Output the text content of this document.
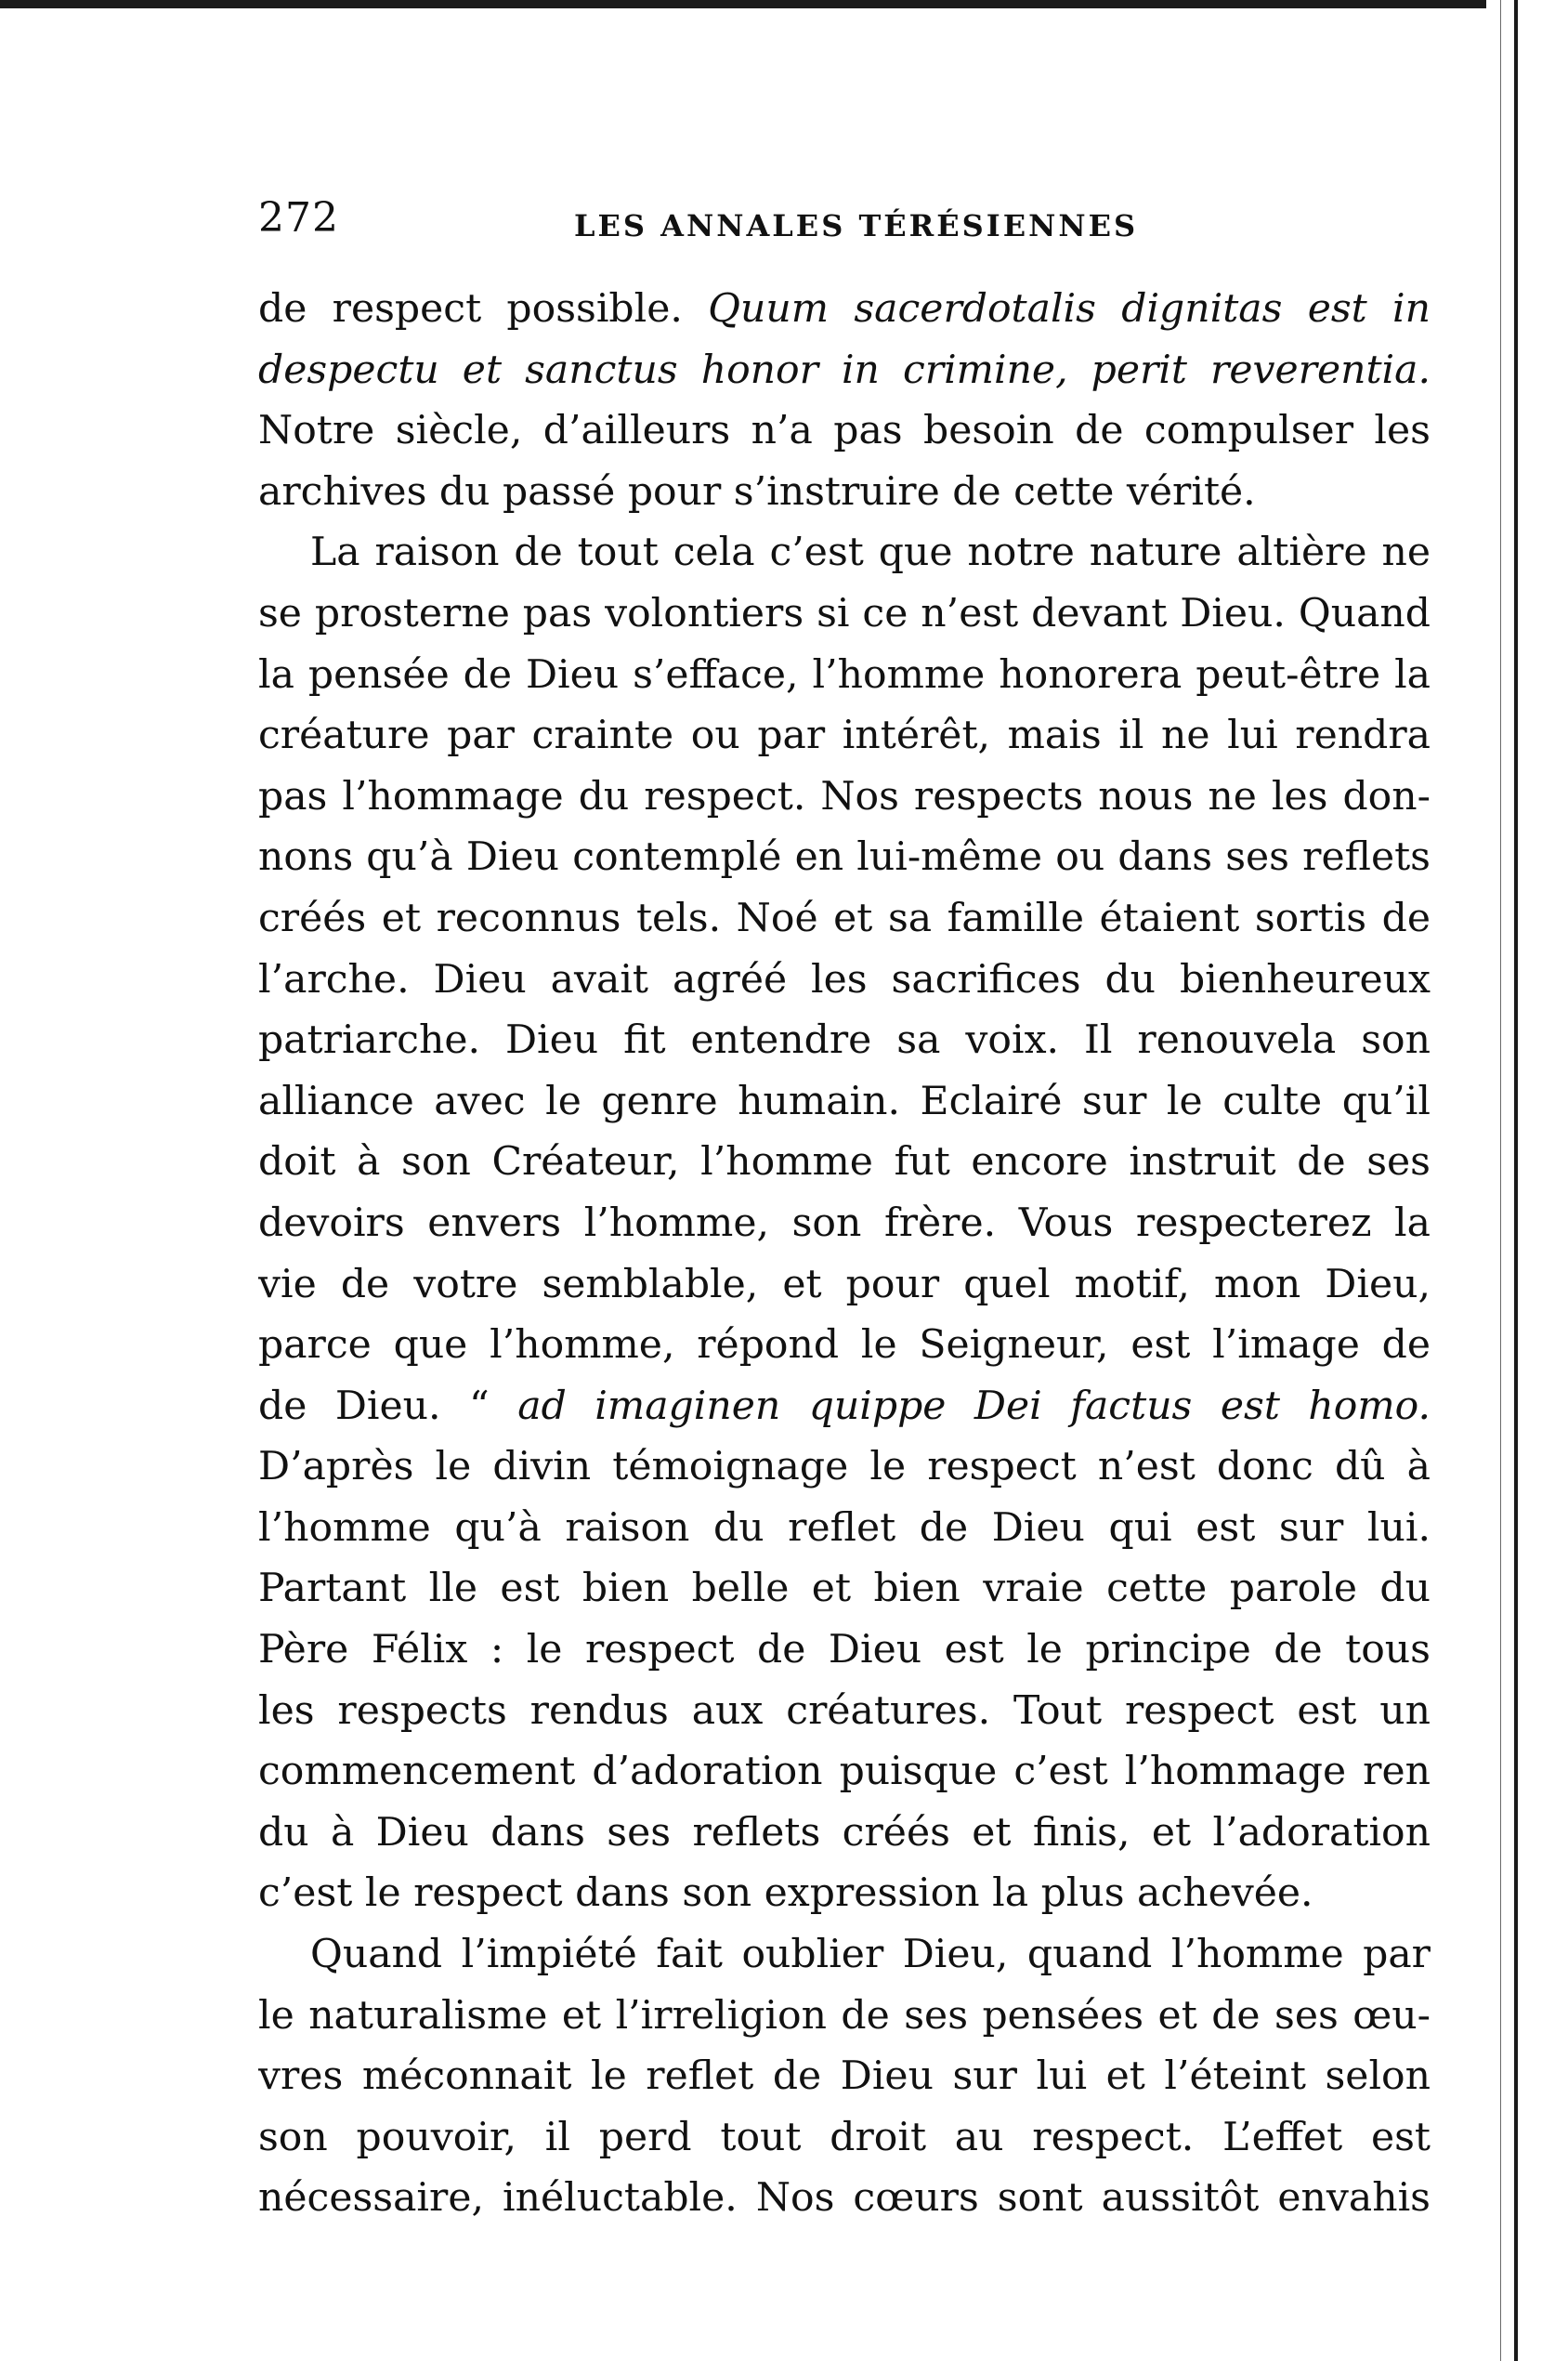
272	LES ANNALES TÉRÉSIENNES
de respect possible. Quum sacerdotalis dignitas est in
despectu et sanctus honor in crimine, perit reverentia.
Notre siècle, d’ailleurs n’a pas besoin de compulser les
archives du passé pour s’instruire de cette vérité.
La raison de tout cela c’est que notre nature altière ne
se prosterne pas volontiers si ce n’est devant Dieu. Quand
la pensée de Dieu s’efface, l’homme honorera peut-être la
créature par crainte ou par intérêt, mais il ne lui rendra
pas l’hommage du respect. Nos respects nous ne les don-
nons qu’à Dieu contemplé en lui-même ou dans ses reflets
créés et reconnus tels. Noé et sa famille étaient sortis de
l’arche. Dieu avait agréé les sacrifices du bienheureux
patriarche. Dieu fit entendre sa voix. Il renouvela son
alliance avec le genre humain. Eclairé sur le culte qu’il
doit à son Créateur, l’homme fut encore instruit de ses
devoirs envers l’homme, son frère. Vous respecterez la
vie de votre semblable, et pour quel motif, mon Dieu,
parce que l’homme, répond le Seigneur, est l’image de
de Dieu. “ ad imaginen quippe Dei factus est homo.
D’après le divin témoignage le respect n’est donc dû à
l’homme qu’à raison du reflet de Dieu qui est sur lui.
Partant lle est bien belle et bien vraie cette parole du
Père Félix : le respect de Dieu est le principe de tous
les respects rendus aux créatures. Tout respect est un
commencement d’adoration puisque c’est l’hommage ren
du à Dieu dans ses reflets créés et finis, et l’adoration
c’est le respect dans son expression la plus achevée.
Quand l’impiété fait oublier Dieu, quand l’homme par
le naturalisme et l’irreligion de ses pensées et de ses œu-
vres méconnait le reflet de Dieu sur lui et l’éteint selon
son pouvoir, il perd tout droit au respect. L’effet est
nécessaire, inéluctable. Nos cœurs sont aussitôt envahis
